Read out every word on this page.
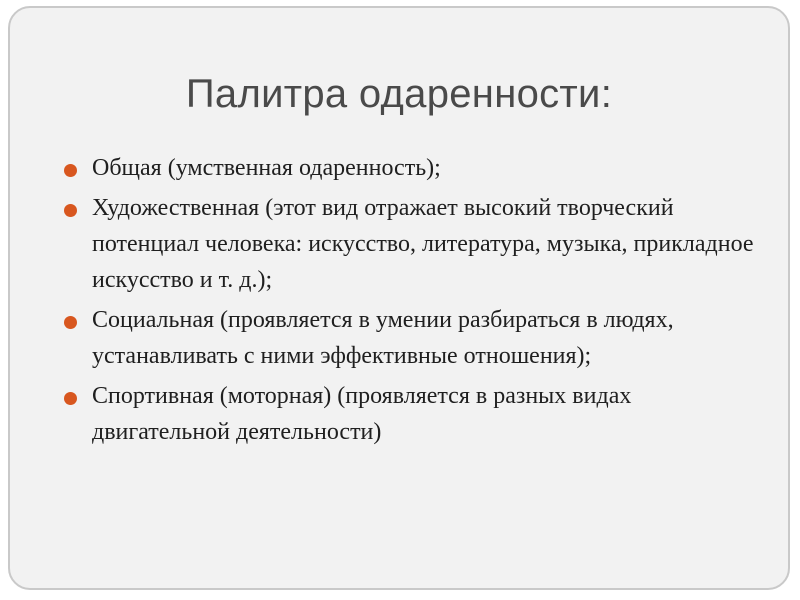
Палитра одаренности:
Общая (умственная одаренность);
Художественная (этот вид отражает высокий творческий потенциал человека: искусство, литература, музыка, прикладное искусство и т. д.);
Социальная (проявляется в умении разбираться в людях, устанавливать с ними эффективные отношения);
Спортивная (моторная) (проявляется в разных видах двигательной деятельности)
